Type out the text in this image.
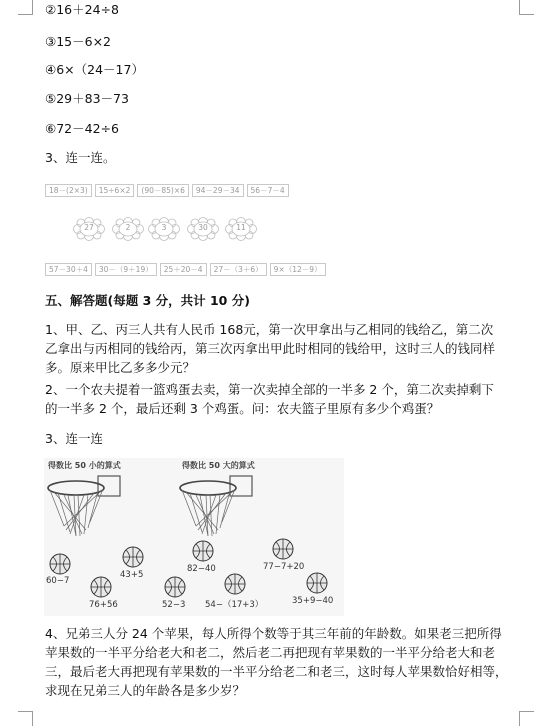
②16＋24÷8
③15－6×2
④6×（24－17）
⑤29＋83－73
⑥72－42÷6
3、连一连。
18－(2×3)	15÷6×2	(90－85)×6	94－29－34	56－7－4
27	2	3	30	11
57－30＋4	30－（9＋19）	25＋20－4	27－（3＋6）	9×（12－9）
五、解答题(每题 3 分，共计 10 分)
1、甲、乙、丙三人共有人民币 168元，第一次甲拿出与乙相同的钱给乙，第二次
乙拿出与丙相同的钱给丙，第三次丙拿出甲此时相同的钱给甲，这时三人的钱同样
多。原来甲比乙多多少元？
2、一个农夫提着一篮鸡蛋去卖，第一次卖掉全部的一半多 2 个，第二次卖掉剩下
的一半多 2 个，最后还剩 3 个鸡蛋。问：农夫篮子里原有多少个鸡蛋？
3、连一连
得数比 50 小的算式	得数比 50 大的算式
60−7
43+5
76+56	52−3
82−40
54−（17+3）
77−7+20
35+9−40
4、兄弟三人分 24 个苹果，每人所得个数等于其三年前的年龄数。如果老三把所得
苹果数的一半平分给老大和老二，然后老二再把现有苹果数的一半平分给老大和老
三，最后老大再把现有苹果数的一半平分给老二和老三，这时每人苹果数恰好相等，
求现在兄弟三人的年龄各是多少岁？
